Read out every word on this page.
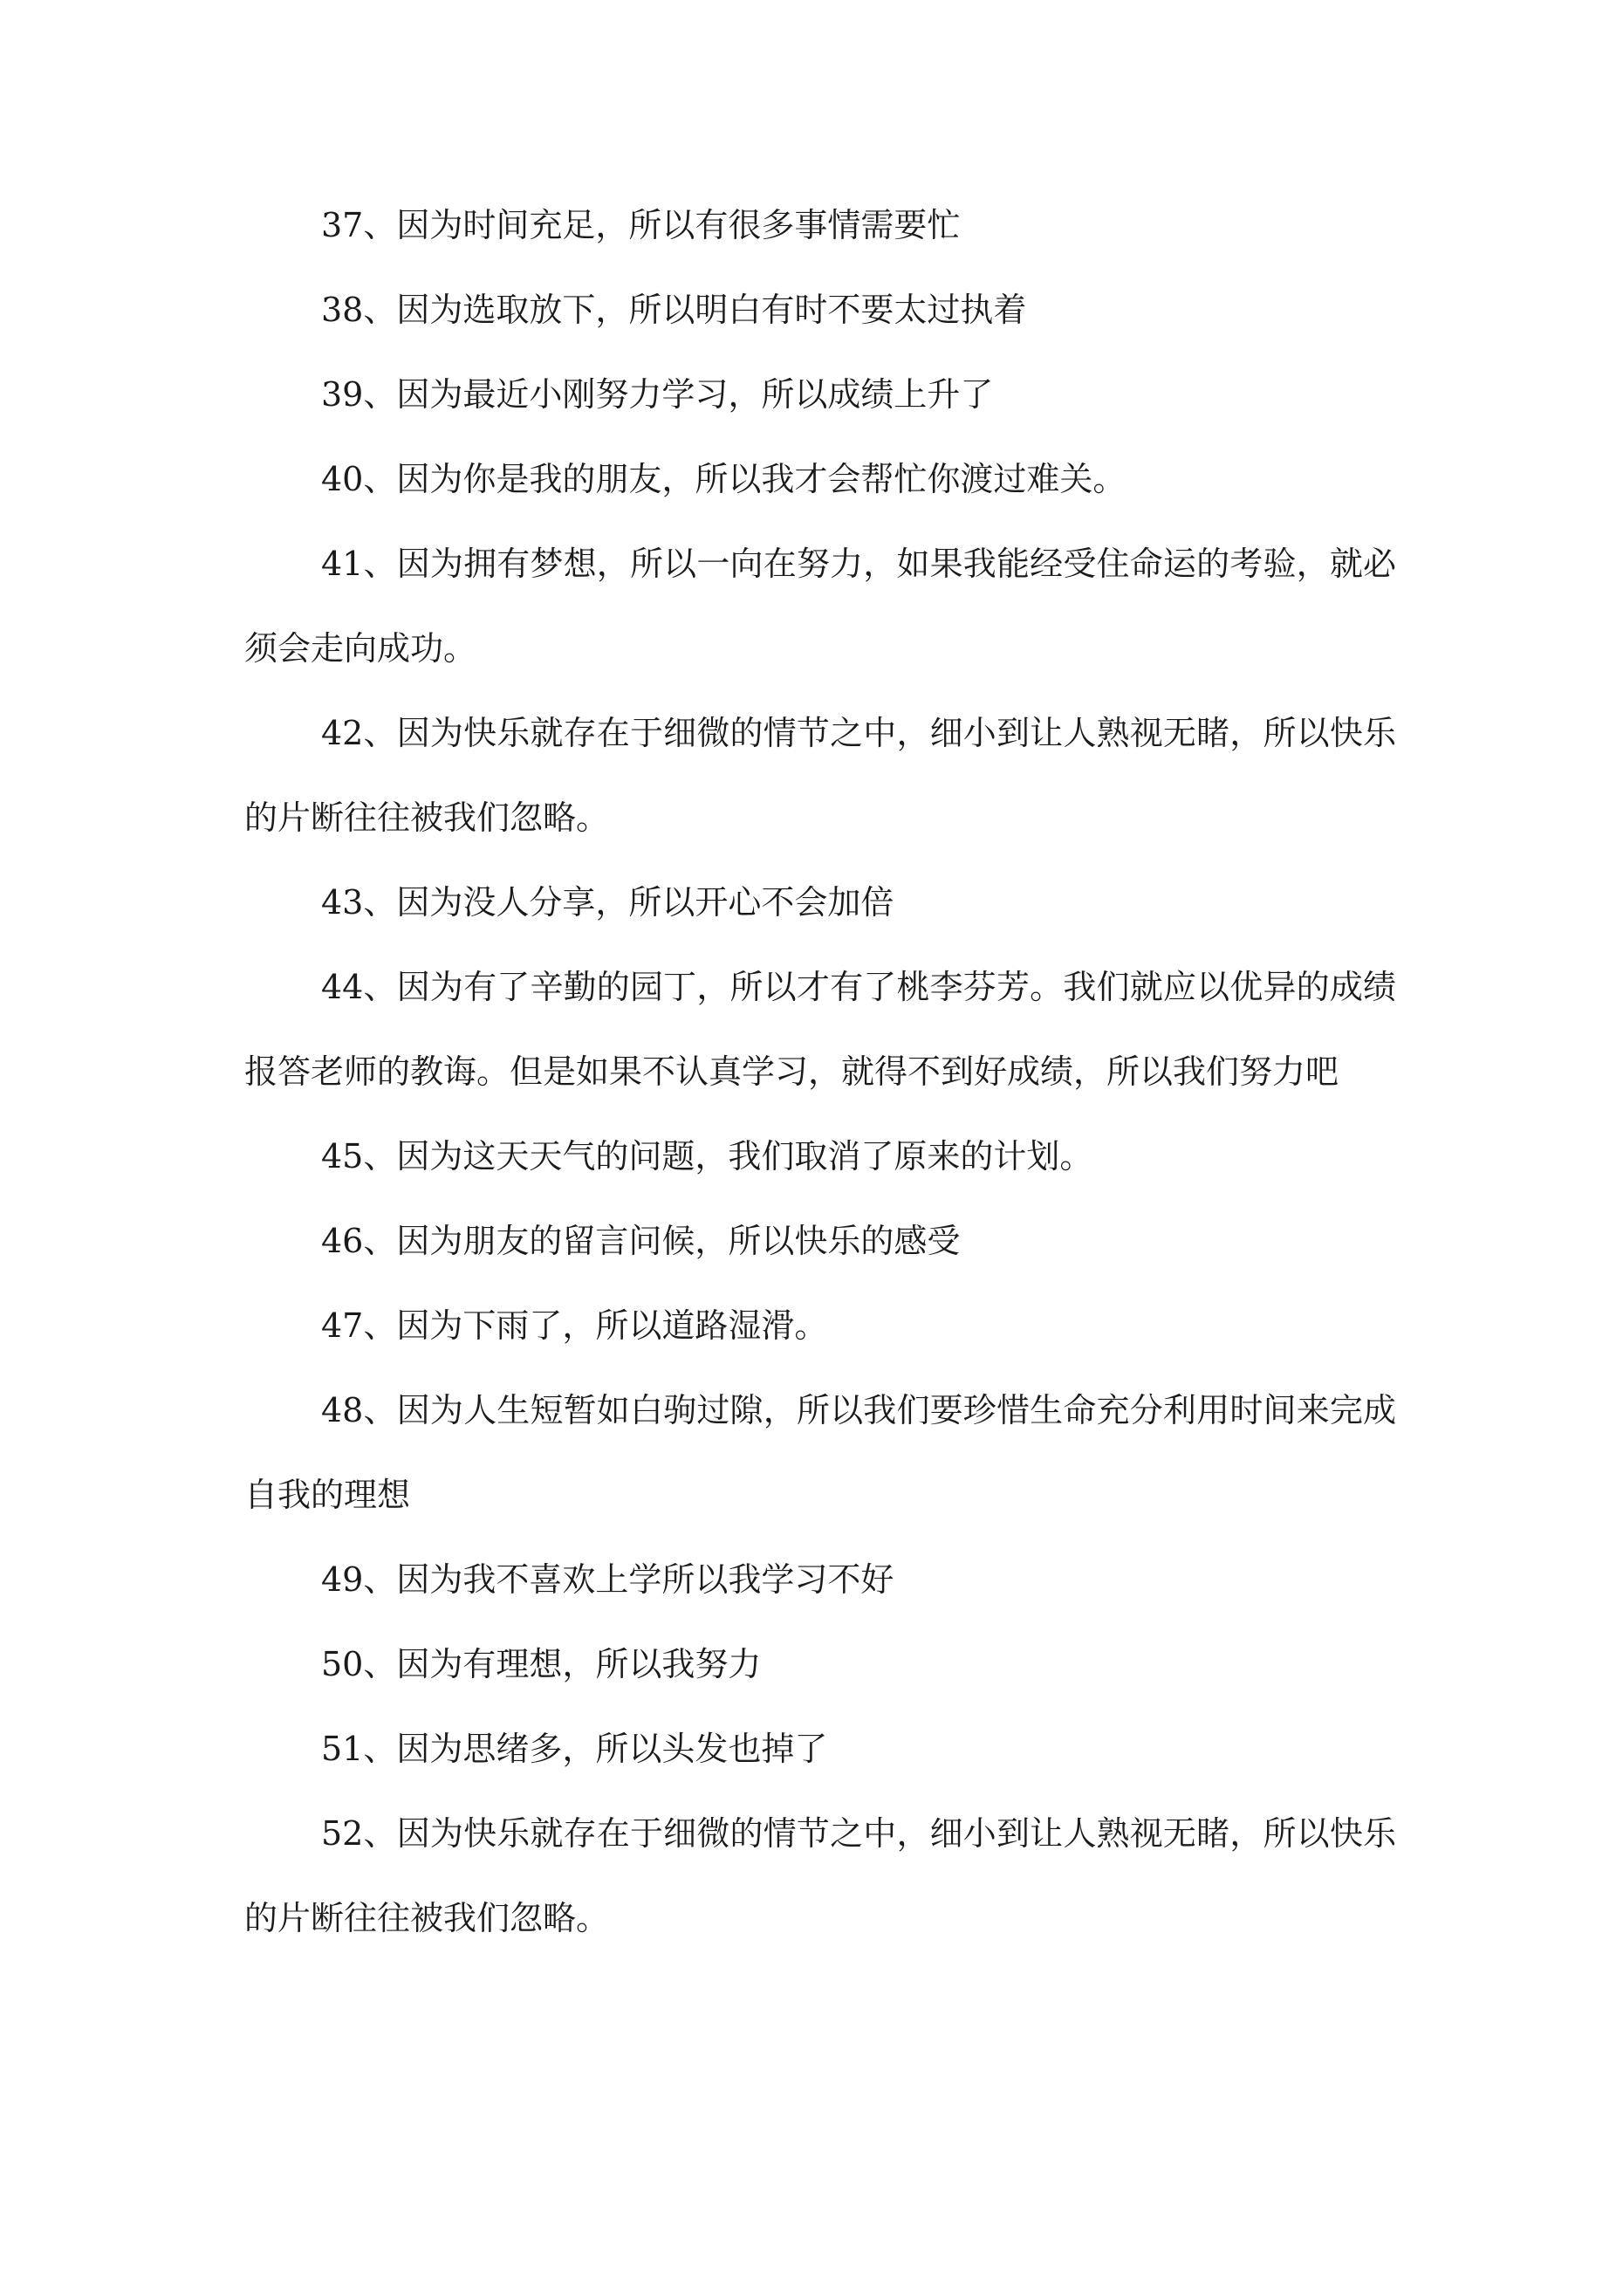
37、因为时间充足，所以有很多事情需要忙

38、因为选取放下，所以明白有时不要太过执着

39、因为最近小刚努力学习，所以成绩上升了

40、因为你是我的朋友，所以我才会帮忙你渡过难关。

41、因为拥有梦想，所以一向在努力，如果我能经受住命运的考验，就必须会走向成功。

42、因为快乐就存在于细微的情节之中，细小到让人熟视无睹，所以快乐的片断往往被我们忽略。

43、因为没人分享，所以开心不会加倍

44、因为有了辛勤的园丁，所以才有了桃李芬芳。我们就应以优异的成绩报答老师的教诲。但是如果不认真学习，就得不到好成绩，所以我们努力吧

45、因为这天天气的问题，我们取消了原来的计划。

46、因为朋友的留言问候，所以快乐的感受

47、因为下雨了，所以道路湿滑。

48、因为人生短暂如白驹过隙，所以我们要珍惜生命充分利用时间来完成自我的理想

49、因为我不喜欢上学所以我学习不好

50、因为有理想，所以我努力

51、因为思绪多，所以头发也掉了

52、因为快乐就存在于细微的情节之中，细小到让人熟视无睹，所以快乐的片断往往被我们忽略。
